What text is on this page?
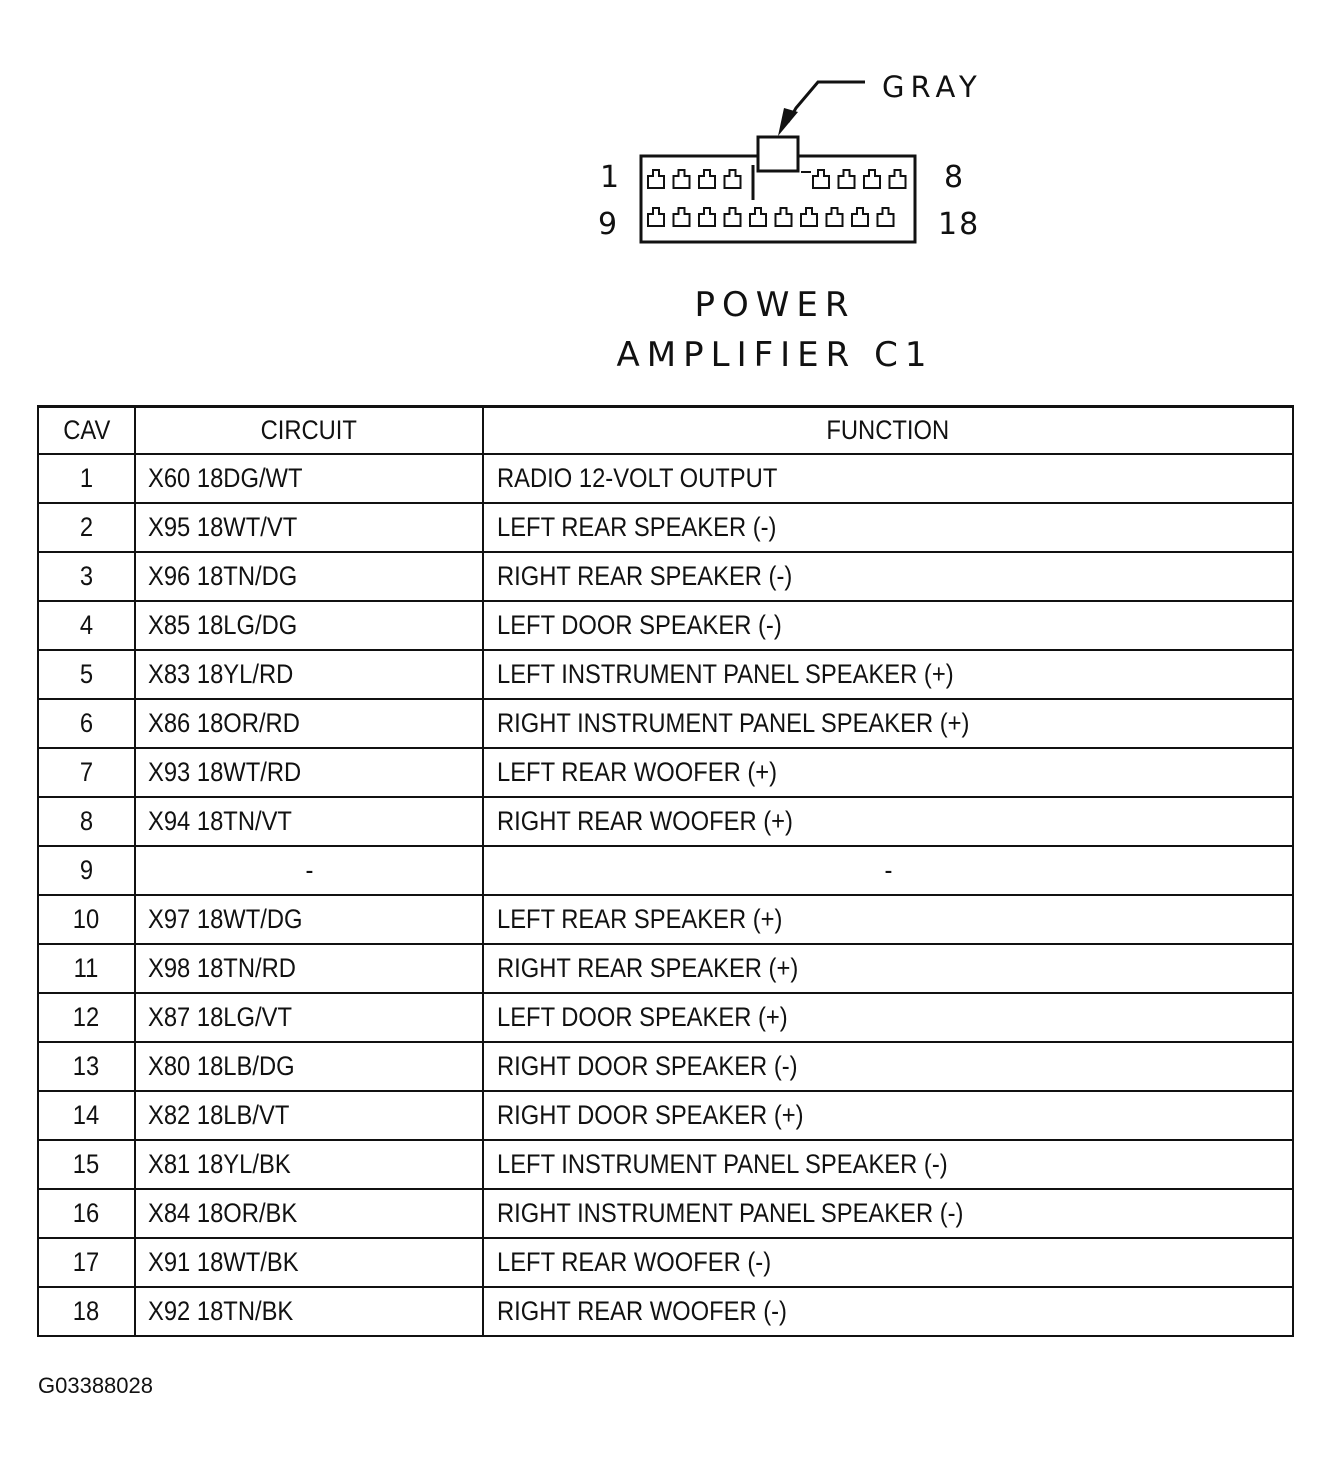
GRAY
1	8
9	18
POWER
AMPLIFIER C1
CAV	CIRCUIT	FUNCTION
1	X60 18DG/WT	RADIO 12-VOLT OUTPUT
2	X95 18WT/VT	LEFT REAR SPEAKER (-)
3	X96 18TN/DG	RIGHT REAR SPEAKER (-)
4	X85 18LG/DG	LEFT DOOR SPEAKER (-)
5	X83 18YL/RD	LEFT INSTRUMENT PANEL SPEAKER (+)
6	X86 18OR/RD	RIGHT INSTRUMENT PANEL SPEAKER (+)
7	X93 18WT/RD	LEFT REAR WOOFER (+)
8	X94 18TN/VT	RIGHT REAR WOOFER (+)
9	-	-
10	X97 18WT/DG	LEFT REAR SPEAKER (+)
11	X98 18TN/RD	RIGHT REAR SPEAKER (+)
12	X87 18LG/VT	LEFT DOOR SPEAKER (+)
13	X80 18LB/DG	RIGHT DOOR SPEAKER (-)
14	X82 18LB/VT	RIGHT DOOR SPEAKER (+)
15	X81 18YL/BK	LEFT INSTRUMENT PANEL SPEAKER (-)
16	X84 18OR/BK	RIGHT INSTRUMENT PANEL SPEAKER (-)
17	X91 18WT/BK	LEFT REAR WOOFER (-)
18	X92 18TN/BK	RIGHT REAR WOOFER (-)
G03388028
